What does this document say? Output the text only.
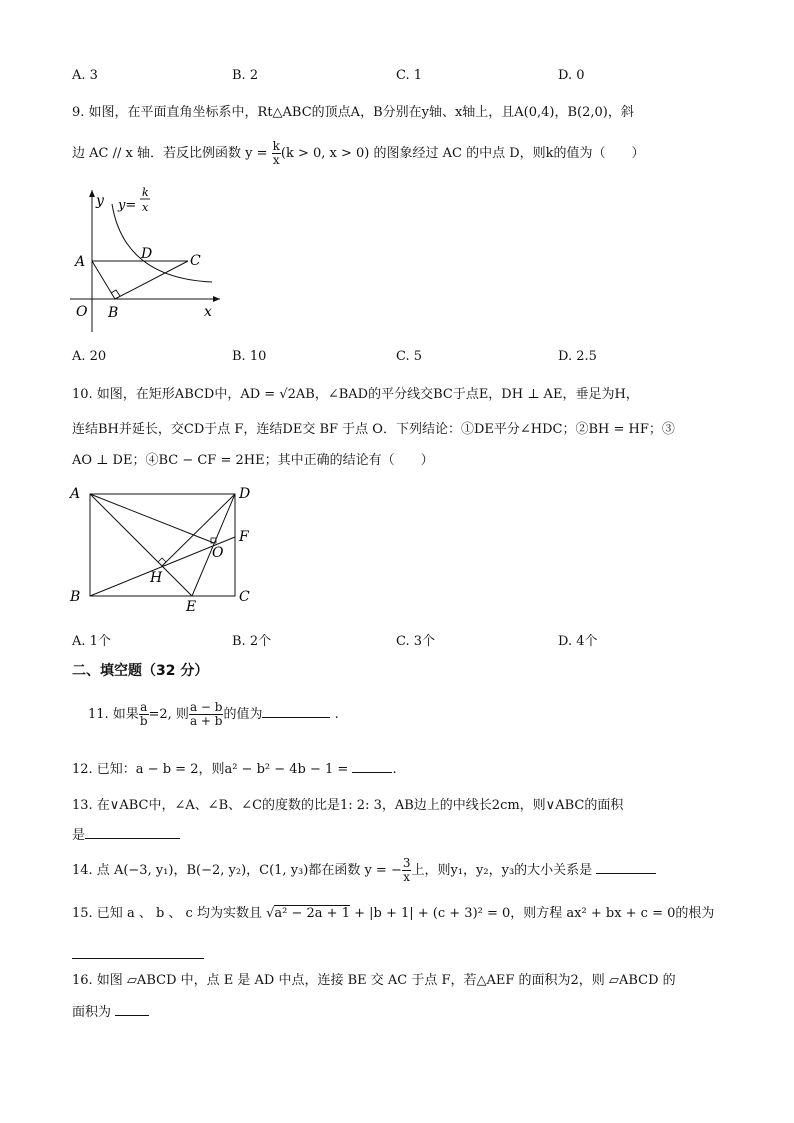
A. 3	B. 2	C. 1	D. 0
9. 如图，在平面直角坐标系中，Rt△ABC的顶点A，B分别在y轴、x轴上，且A(0,4)，B(2,0)，斜
边 AC // x 轴．若反比例函数 $y = \frac{k}{x} (k > 0$, x > 0) 的图象经过 AC 的中点 D，则k的值为（　　）
y
x
O
A
B
C
D
y=
k
x
A. 20	B. 10	C. 5	D. 2.5
10. 如图，在矩形ABCD中，AD = √2AB，∠BAD的平分线交BC于点E，DH ⊥ AE，垂足为H，
连结BH并延长，交CD于点 F，连结DE交 BF 于点 O．下列结论：①DE平分∠HDC；②BH = HF；③
AO ⊥ DE；④BC − CF = 2HE；其中正确的结论有（　　）
A
B	C
D
E
F
H
O
A. 1个	B. 2个	C. 3个	D. 4个
二、填空题（32 分）
11. 如果 $\frac{a}{b} =2$, 则 $\frac{a - b}{a + b}$ 的值为	.
12. 已知：a − b = 2，则a² − b² − 4b − 1 =	.
13. 在∨ABC中，∠A、∠B、∠C的度数的比是1: 2: 3，AB边上的中线长2cm，则∨ABC的面积
是
14. 点 A(−3, y₁)，B(−2, y₂)，C(1, y₃)都在函数 y = − $\frac{3}{x}$ 上，则y₁，y₂，y₃的大小关系是
15. 已知 a 、 b 、 c 均为实数且 √a² − 2a + 1 + |b + 1| + (c + 3)² = 0，则方程 ax² + bx + c = 0的根为
16. 如图 ▱ABCD 中，点 E 是 AD 中点，连接 BE 交 AC 于点 F，若△AEF 的面积为2，则 ▱ABCD 的
面积为
